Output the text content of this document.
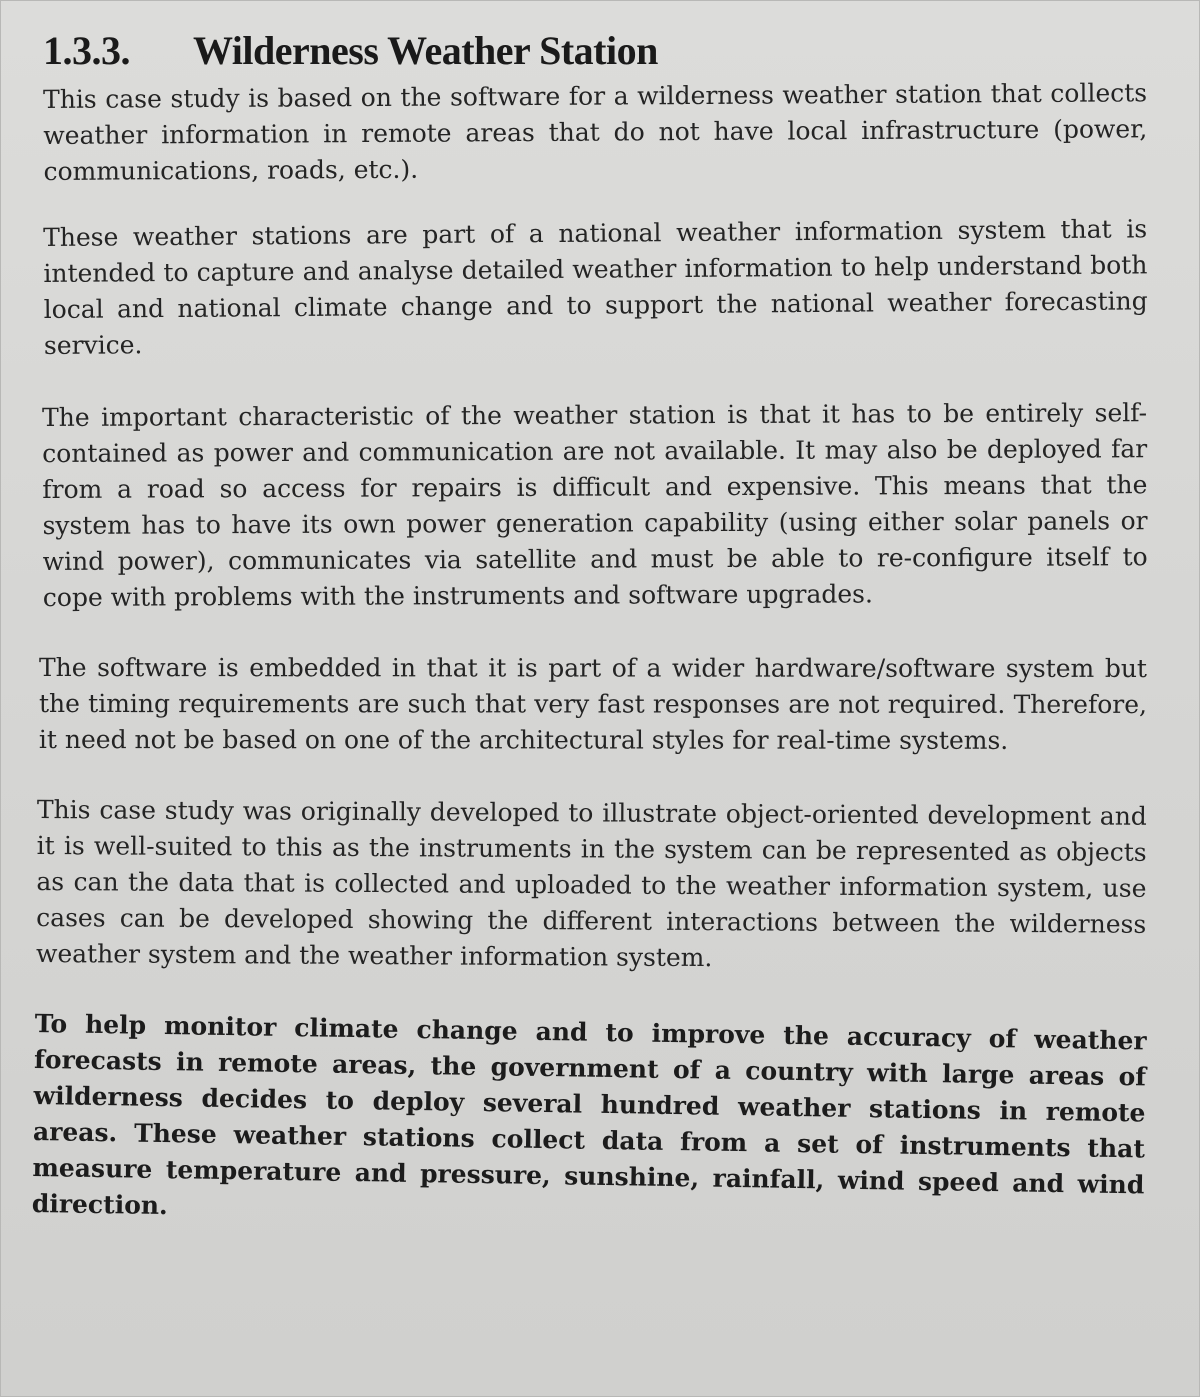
1.3.3.	Wilderness Weather Station

This case study is based on the software for a wilderness weather station that collects weather information in remote areas that do not have local infrastructure (power, communications, roads, etc.).

These weather stations are part of a national weather information system that is intended to capture and analyse detailed weather information to help understand both local and national climate change and to support the national weather forecasting service.

The important characteristic of the weather station is that it has to be entirely self-contained as power and communication are not available. It may also be deployed far from a road so access for repairs is difficult and expensive. This means that the system has to have its own power generation capability (using either solar panels or wind power), communicates via satellite and must be able to re-configure itself to cope with problems with the instruments and software upgrades.

The software is embedded in that it is part of a wider hardware/software system but the timing requirements are such that very fast responses are not required. Therefore, it need not be based on one of the architectural styles for real-time systems.

This case study was originally developed to illustrate object-oriented development and it is well-suited to this as the instruments in the system can be represented as objects as can the data that is collected and uploaded to the weather information system, use cases can be developed showing the different interactions between the wilderness weather system and the weather information system.

To help monitor climate change and to improve the accuracy of weather forecasts in remote areas, the government of a country with large areas of wilderness decides to deploy several hundred weather stations in remote areas. These weather stations collect data from a set of instruments that measure temperature and pressure, sunshine, rainfall, wind speed and wind direction.
